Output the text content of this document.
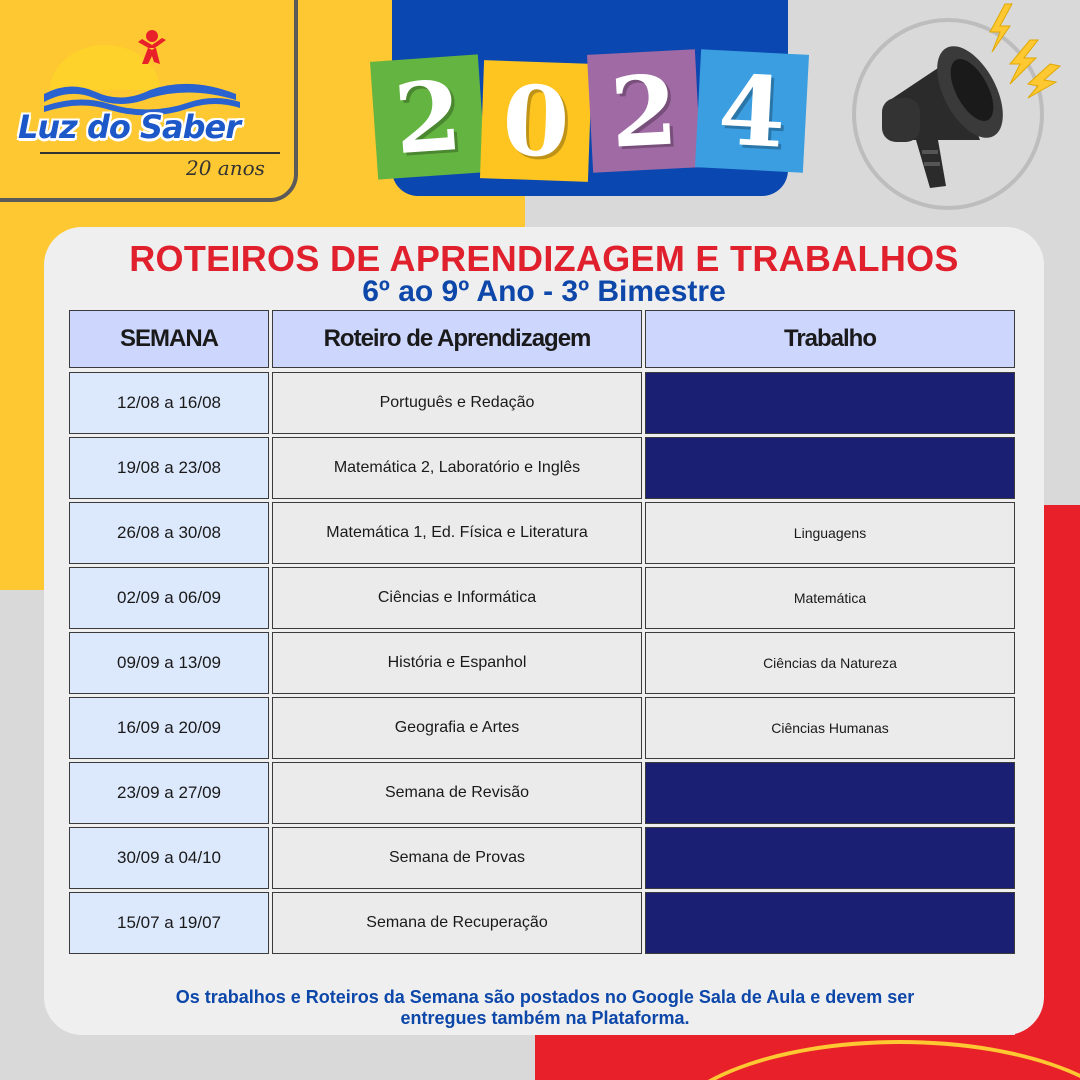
Luz do Saber
20 anos 2 0 2 4
ROTEIROS DE APRENDIZAGEM E TRABALHOS
6º ao 9º Ano - 3º Bimestre
SEMANA	Roteiro de Aprendizagem	Trabalho
12/08 a 16/08	Português e Redação
19/08 a 23/08	Matemática 2, Laboratório e Inglês
26/08 a 30/08	Matemática 1, Ed. Física e Literatura	Linguagens
02/09 a 06/09	Ciências e Informática	Matemática
09/09 a 13/09	História e Espanhol	Ciências da Natureza
16/09 a 20/09	Geografia e Artes	Ciências Humanas
23/09 a 27/09	Semana de Revisão
30/09 a 04/10	Semana de Provas
15/07 a 19/07	Semana de Recuperação
Os trabalhos e Roteiros da Semana são postados no Google Sala de Aula e devem ser
entregues também na Plataforma.
